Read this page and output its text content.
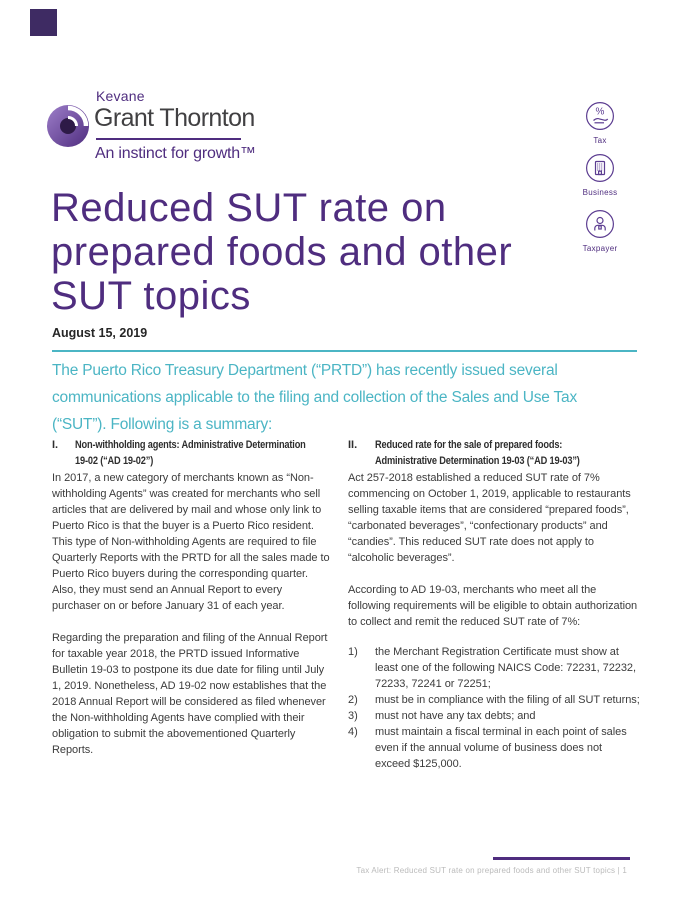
Kevane
Grant Thornton
An instinct for growth™
%
Tax
Business
Taxpayer
Reduced SUT rate on
prepared foods and other
SUT topics
August 15, 2019
The Puerto Rico Treasury Department (“PRTD”) has recently issued several
communications applicable to the filing and collection of the Sales and Use Tax
(“SUT”). Following is a summary:
I. Non-withholding agents: Administrative Determination
19-02 (“AD 19-02”)

In 2017, a new category of merchants known as “Non-withholding Agents” was created for merchants who sell articles that are delivered by mail and whose only link to Puerto Rico is that the buyer is a Puerto Rico resident. This type of Non-withholding Agents are required to file Quarterly Reports with the PRTD for all the sales made to Puerto Rico buyers during the corresponding quarter. Also, they must send an Annual Report to every purchaser on or before January 31 of each year.

Regarding the preparation and filing of the Annual Report for taxable year 2018, the PRTD issued Informative Bulletin 19-03 to postpone its due date for filing until July 1, 2019. Nonetheless, AD 19-02 now establishes that the 2018 Annual Report will be considered as filed whenever the Non-withholding Agents have complied with their obligation to submit the abovementioned Quarterly Reports.

II. Reduced rate for the sale of prepared foods:
Administrative Determination 19-03 (“AD 19-03”)

Act 257-2018 established a reduced SUT rate of 7% commencing on October 1, 2019, applicable to restaurants selling taxable items that are considered “prepared foods”, “carbonated beverages”, “confectionary products” and “candies”. This reduced SUT rate does not apply to “alcoholic beverages”.

According to AD 19-03, merchants who meet all the following requirements will be eligible to obtain authorization to collect and remit the reduced SUT rate of 7%:

1)	the Merchant Registration Certificate must show at least one of the following NAICS Code: 72231, 72232, 72233, 72241 or 72251;
2)	must be in compliance with the filing of all SUT returns;
3)	must not have any tax debts; and
4)	must maintain a fiscal terminal in each point of sales even if the annual volume of business does not exceed $125,000.
Tax Alert: Reduced SUT rate on prepared foods and other SUT topics | 1
